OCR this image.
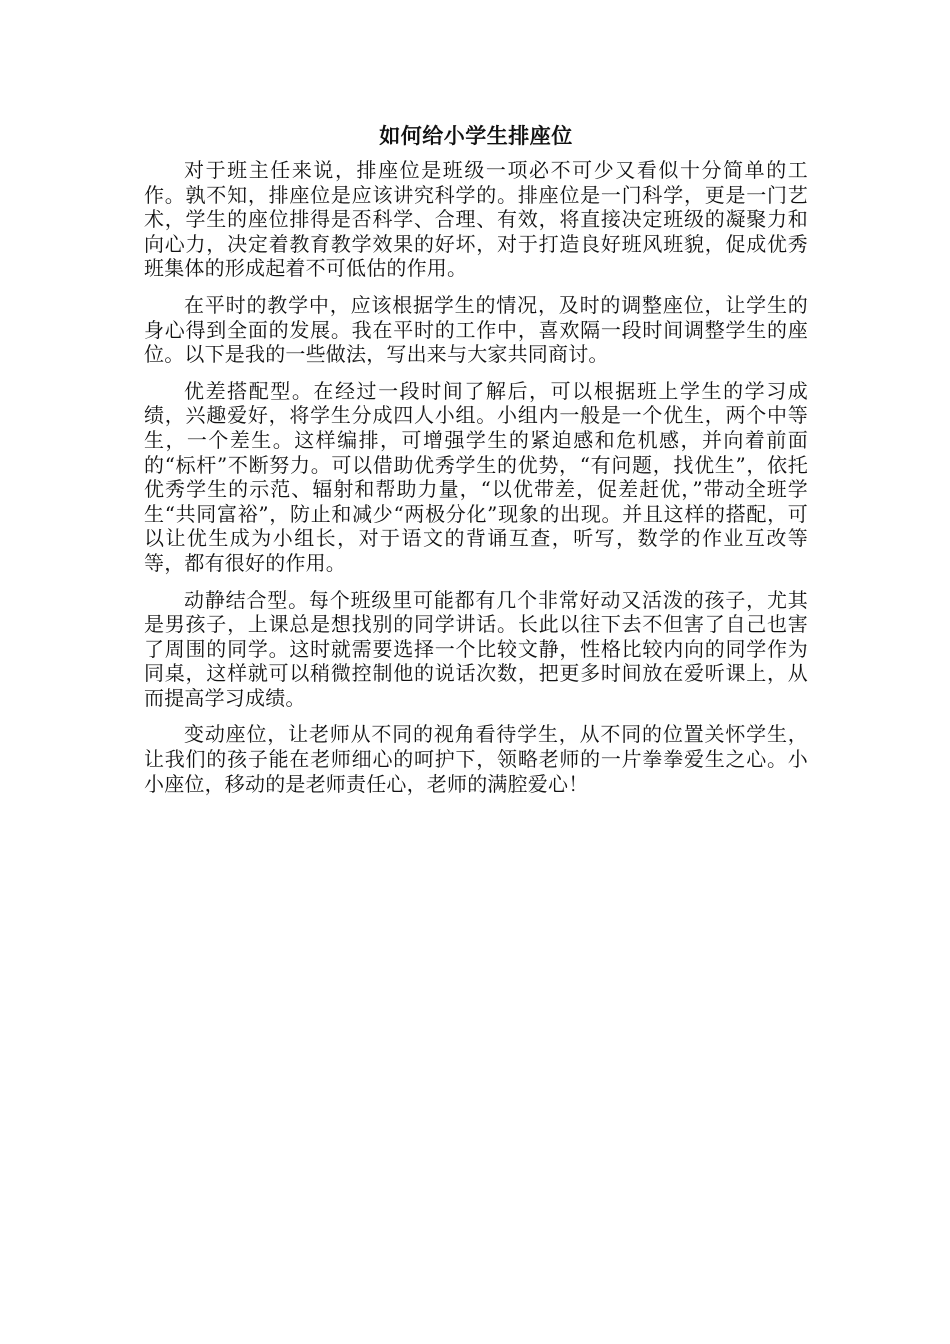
如何给小学生排座位

对于班主任来说，排座位是班级一项必不可少又看似十分简单的工作。孰不知，排座位是应该讲究科学的。排座位是一门科学，更是一门艺术，学生的座位排得是否科学、合理、有效，将直接决定班级的凝聚力和向心力，决定着教育教学效果的好坏，对于打造良好班风班貌，促成优秀班集体的形成起着不可低估的作用。

在平时的教学中，应该根据学生的情况，及时的调整座位，让学生的身心得到全面的发展。我在平时的工作中，喜欢隔一段时间调整学生的座位。以下是我的一些做法，写出来与大家共同商讨。

优差搭配型。在经过一段时间了解后，可以根据班上学生的学习成绩，兴趣爱好，将学生分成四人小组。小组内一般是一个优生，两个中等生，一个差生。这样编排，可增强学生的紧迫感和危机感，并向着前面的“标杆”不断努力。可以借助优秀学生的优势，“有问题，找优生”，依托优秀学生的示范、辐射和帮助力量，“以优带差，促差赶优，”带动全班学生“共同富裕”，防止和减少“两极分化”现象的出现。并且这样的搭配，可以让优生成为小组长，对于语文的背诵互查，听写，数学的作业互改等等，都有很好的作用。

动静结合型。每个班级里可能都有几个非常好动又活泼的孩子，尤其是男孩子，上课总是想找别的同学讲话。长此以往下去不但害了自己也害了周围的同学。这时就需要选择一个比较文静，性格比较内向的同学作为同桌，这样就可以稍微控制他的说话次数，把更多时间放在爱听课上，从而提高学习成绩。

变动座位，让老师从不同的视角看待学生，从不同的位置关怀学生，让我们的孩子能在老师细心的呵护下，领略老师的一片拳拳爱生之心。小小座位，移动的是老师责任心，老师的满腔爱心！
